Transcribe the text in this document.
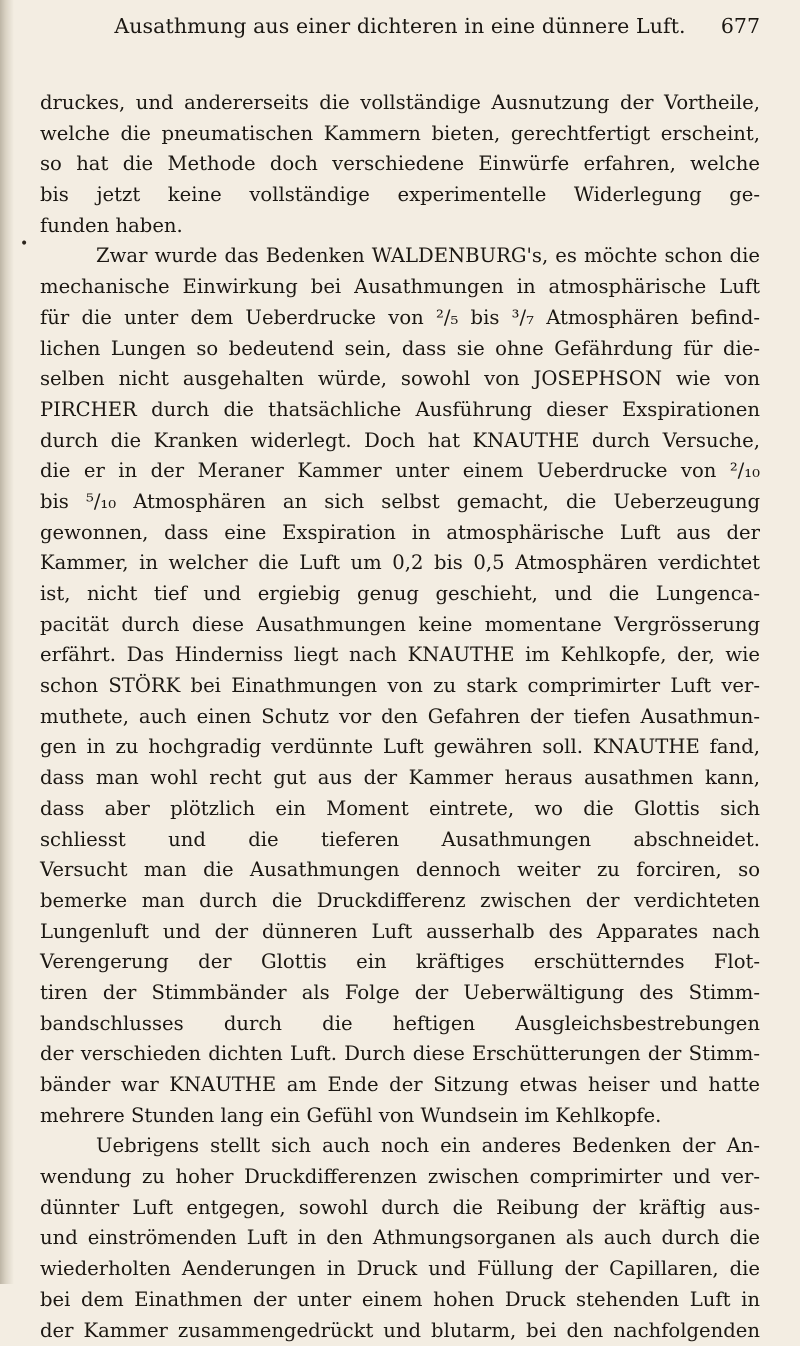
Ausathmung aus einer dichteren in eine dünnere Luft.	677
•
druckes, und andererseits die vollständige Ausnutzung der Vortheile,
welche die pneumatischen Kammern bieten, gerechtfertigt erscheint,
so hat die Methode doch verschiedene Einwürfe erfahren, welche
bis jetzt keine vollständige experimentelle Widerlegung ge-
funden haben.
Zwar wurde das Bedenken WALDENBURG's, es möchte schon die
mechanische Einwirkung bei Ausathmungen in atmosphärische Luft
für die unter dem Ueberdrucke von ²/₅ bis ³/₇ Atmosphären befind-
lichen Lungen so bedeutend sein, dass sie ohne Gefährdung für die-
selben nicht ausgehalten würde, sowohl von JOSEPHSON wie von
PIRCHER durch die thatsächliche Ausführung dieser Exspirationen
durch die Kranken widerlegt. Doch hat KNAUTHE durch Versuche,
die er in der Meraner Kammer unter einem Ueberdrucke von ²/₁₀
bis ⁵/₁₀ Atmosphären an sich selbst gemacht, die Ueberzeugung
gewonnen, dass eine Exspiration in atmosphärische Luft aus der
Kammer, in welcher die Luft um 0,2 bis 0,5 Atmosphären verdichtet
ist, nicht tief und ergiebig genug geschieht, und die Lungenca-
pacität durch diese Ausathmungen keine momentane Vergrösserung
erfährt. Das Hinderniss liegt nach KNAUTHE im Kehlkopfe, der, wie
schon STÖRK bei Einathmungen von zu stark comprimirter Luft ver-
muthete, auch einen Schutz vor den Gefahren der tiefen Ausathmun-
gen in zu hochgradig verdünnte Luft gewähren soll. KNAUTHE fand,
dass man wohl recht gut aus der Kammer heraus ausathmen kann,
dass aber plötzlich ein Moment eintrete, wo die Glottis sich
schliesst und die tieferen Ausathmungen abschneidet.
Versucht man die Ausathmungen dennoch weiter zu forciren, so
bemerke man durch die Druckdifferenz zwischen der verdichteten
Lungenluft und der dünneren Luft ausserhalb des Apparates nach
Verengerung der Glottis ein kräftiges erschütterndes Flot-
tiren der Stimmbänder als Folge der Ueberwältigung des Stimm-
bandschlusses durch die heftigen Ausgleichsbestrebungen
der verschieden dichten Luft. Durch diese Erschütterungen der Stimm-
bänder war KNAUTHE am Ende der Sitzung etwas heiser und hatte
mehrere Stunden lang ein Gefühl von Wundsein im Kehlkopfe.
Uebrigens stellt sich auch noch ein anderes Bedenken der An-
wendung zu hoher Druckdifferenzen zwischen comprimirter und ver-
dünnter Luft entgegen, sowohl durch die Reibung der kräftig aus-
und einströmenden Luft in den Athmungsorganen als auch durch die
wiederholten Aenderungen in Druck und Füllung der Capillaren, die
bei dem Einathmen der unter einem hohen Druck stehenden Luft in
der Kammer zusammengedrückt und blutarm, bei den nachfolgenden
